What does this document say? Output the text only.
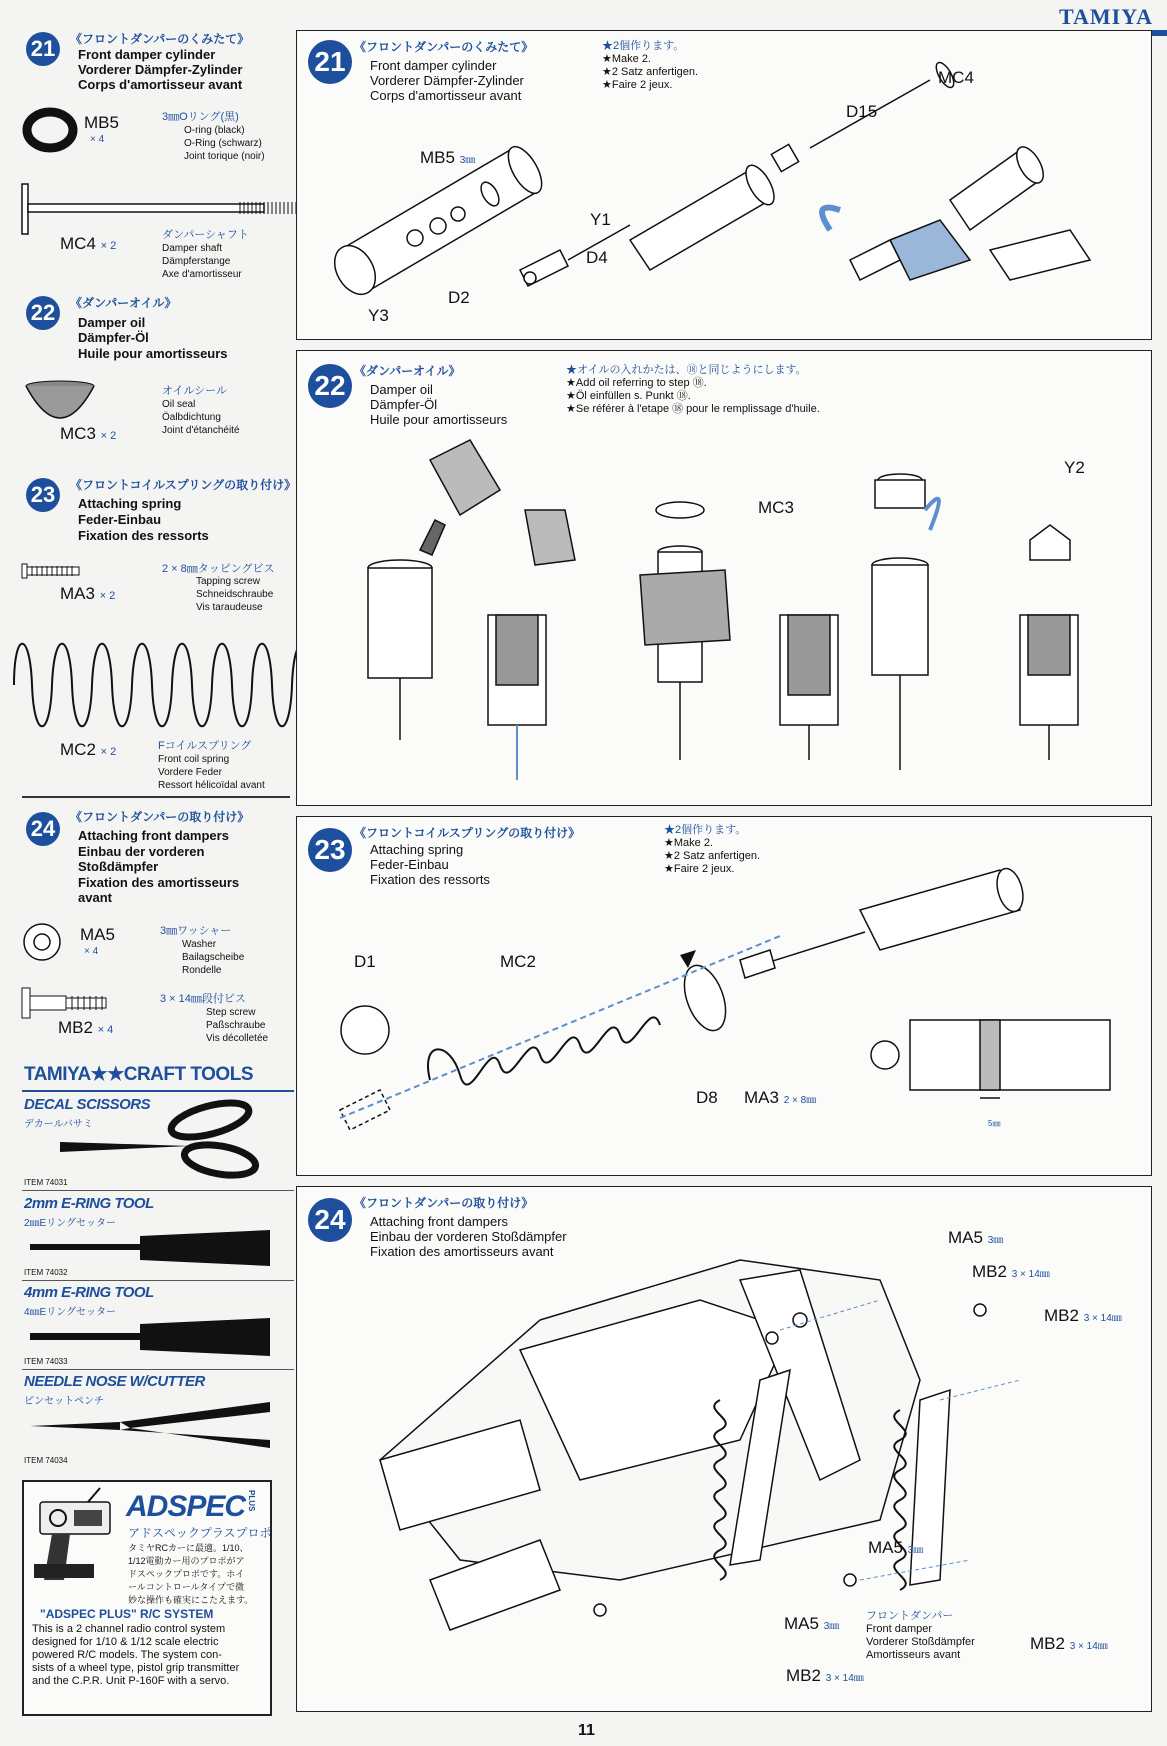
TAMIYA
21	《フロントダンパーのくみたて》
Front damper cylinder
Vorderer Dämpfer-Zylinder
Corps d'amortisseur avant
MB5
× 4
3㎜Oリング(黒)
O-ring (black)
O-Ring (schwarz)
Joint torique (noir)
MC4 × 2
ダンパーシャフト
Damper shaft
Dämpferstange
Axe d'amortisseur
22	《ダンパーオイル》
Damper oil
Dämpfer-Öl
Huile pour amortisseurs
MC3 × 2
オイルシール
Oil seal
Öalbdichtung
Joint d'étanchéité
23	《フロントコイルスプリングの取り付け》
Attaching spring
Feder-Einbau
Fixation des ressorts
MA3 × 2
2 × 8㎜タッピングビス
Tapping screw
Schneidschraube
Vis taraudeuse
MC2 × 2	Fコイルスプリング
Front coil spring
Vordere Feder
Ressort hélicoïdal avant
24	《フロントダンパーの取り付け》
Attaching front dampers
Einbau der vorderen
Stoßdämpfer
Fixation des amortisseurs
avant
MA5
× 4
3㎜ワッシャー
Washer
Bailagscheibe
Rondelle
MB2 × 4
3 × 14㎜段付ビス
Step screw
Paßschraube
Vis décolletée
TAMIYA★★CRAFT TOOLS
DECAL SCISSORS
デカールバサミ
ITEM 74031
2mm E-RING TOOL
2㎜Eリングセッター
ITEM 74032
4mm E-RING TOOL
4㎜Eリングセッター
ITEM 74033
NEEDLE NOSE W/CUTTER
ピンセットペンチ
ITEM 74034
ADSPEC PLUS
アドスペックプラスプロポ
タミヤRCカーに最適。1/10、
1/12電動カー用のプロポがア
ドスペックプロポです。ホイ
ールコントロールタイプで微
妙な操作も確実にこたえます。
"ADSPEC PLUS" R/C SYSTEM
This is a 2 channel radio control system
designed for 1/10 & 1/12 scale electric
powered R/C models. The system con-
sists of a wheel type, pistol grip transmitter
and the C.P.R. Unit P-160F with a servo.
21 《フロントダンパーのくみたて》
Front damper cylinder
Vorderer Dämpfer-Zylinder
Corps d'amortisseur avant
★2個作ります。
★Make 2.
★2 Satz anfertigen.
★Faire 2 jeux.
MB5 3㎜
Y1
Y3
D2
D4
D15
MC4
22 《ダンパーオイル》
Damper oil
Dämpfer-Öl
Huile pour amortisseurs
★オイルの入れかたは、⑱と同じようにします。
★Add oil referring to step ⑱.
★Öl einfüllen s. Punkt ⑱.
★Se référer à l'etape ⑱ pour le remplissage d'huile.
MC3
Y2
23
《フロントコイルスプリングの取り付け》
Attaching spring
Feder-Einbau
Fixation des ressorts
★2個作ります。
★Make 2.
★2 Satz anfertigen.
★Faire 2 jeux.
D1	MC2
D8 MA3 2 × 8㎜
5㎜
24
《フロントダンパーの取り付け》
Attaching front dampers
Einbau der vorderen Stoßdämpfer
Fixation des amortisseurs avant
MA5 3㎜
MB2 3 × 14㎜
MB2 3 × 14㎜
MA5 3㎜
MA5 3㎜
MB2 3 × 14㎜
MB2 3 × 14㎜
フロントダンパー
Front damper
Vorderer Stoßdämpfer
Amortisseurs avant
11
